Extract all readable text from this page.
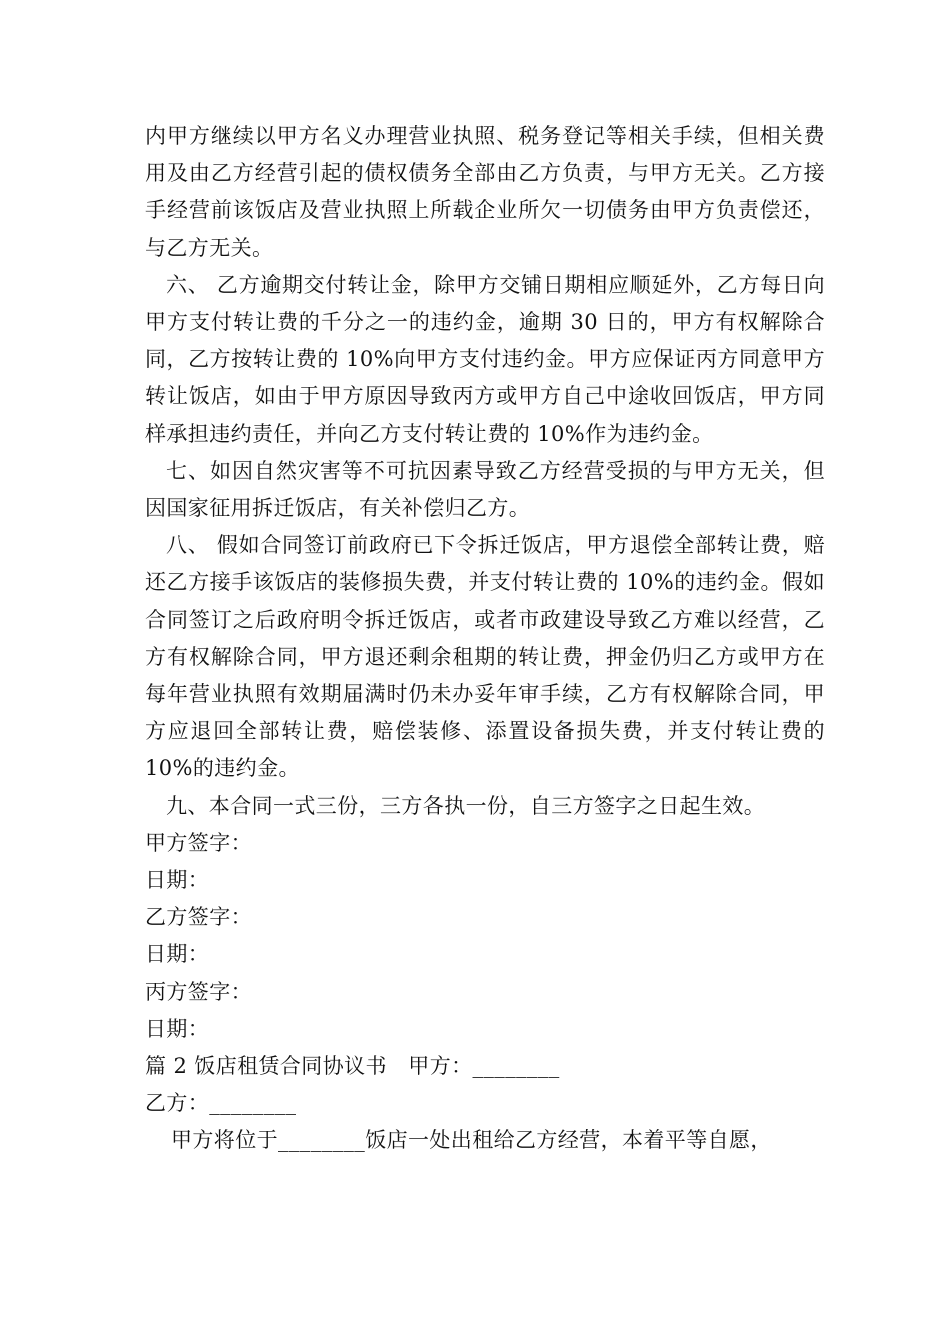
内甲方继续以甲方名义办理营业执照、税务登记等相关手续，但相关费用及由乙方经营引起的债权债务全部由乙方负责，与甲方无关。乙方接手经营前该饭店及营业执照上所载企业所欠一切债务由甲方负责偿还，与乙方无关。

六、 乙方逾期交付转让金，除甲方交铺日期相应顺延外，乙方每日向甲方支付转让费的千分之一的违约金，逾期 30 日的，甲方有权解除合同，乙方按转让费的 10%向甲方支付违约金。甲方应保证丙方同意甲方转让饭店，如由于甲方原因导致丙方或甲方自己中途收回饭店，甲方同样承担违约责任，并向乙方支付转让费的 10%作为违约金。

七、如因自然灾害等不可抗因素导致乙方经营受损的与甲方无关，但因国家征用拆迁饭店，有关补偿归乙方。

八、 假如合同签订前政府已下令拆迁饭店，甲方退偿全部转让费，赔还乙方接手该饭店的装修损失费，并支付转让费的 10%的违约金。假如合同签订之后政府明令拆迁饭店，或者市政建设导致乙方难以经营，乙方有权解除合同，甲方退还剩余租期的转让费，押金仍归乙方或甲方在每年营业执照有效期届满时仍未办妥年审手续，乙方有权解除合同，甲方应退回全部转让费，赔偿装修、添置设备损失费，并支付转让费的 10%的违约金。

九、本合同一式三份，三方各执一份，自三方签字之日起生效。

甲方签字：

日期：

乙方签字：

日期：

丙方签字：

日期：

篇 2 饭店租赁合同协议书　甲方：________

乙方：________

甲方将位于________饭店一处出租给乙方经营，本着平等自愿，
